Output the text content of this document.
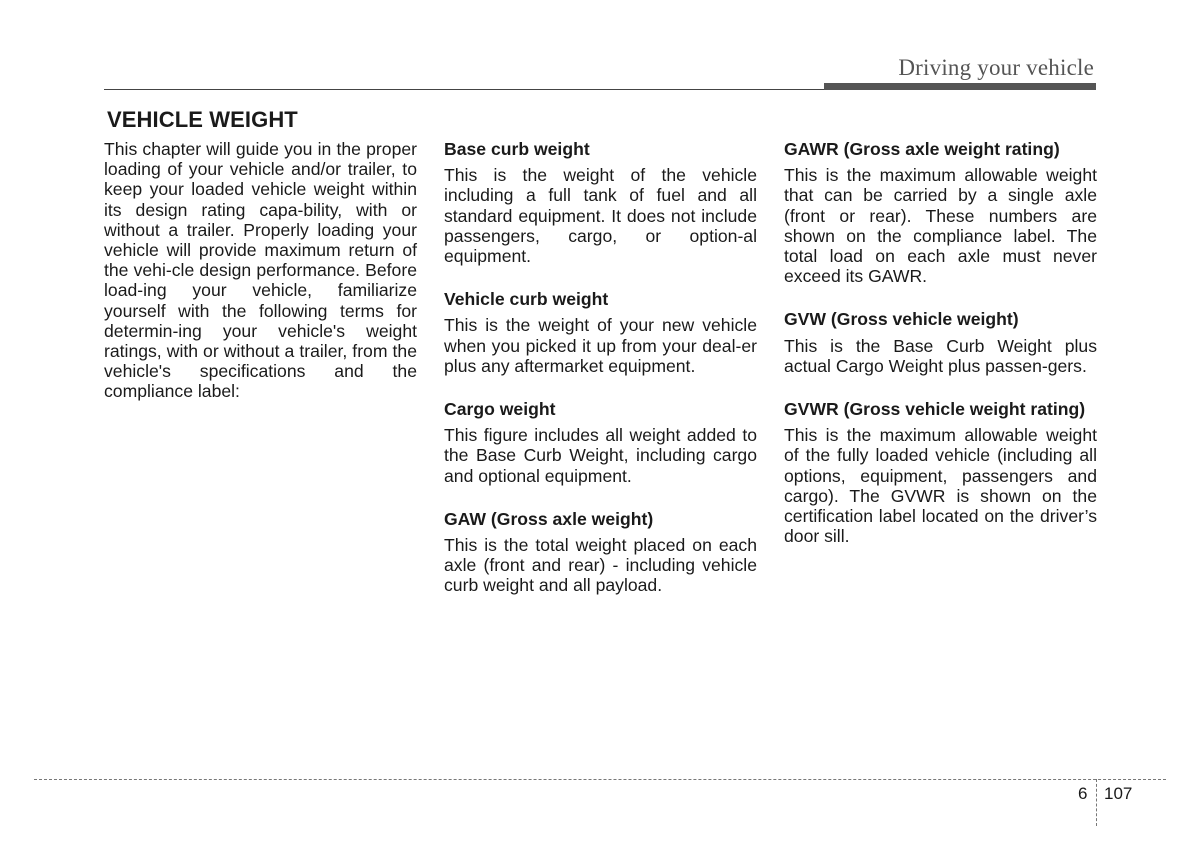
Driving your vehicle
VEHICLE WEIGHT

This chapter will guide you in the proper loading of your vehicle and/or trailer, to keep your loaded vehicle weight within its design rating capa-bility, with or without a trailer. Properly loading your vehicle will provide maximum return of the vehi-cle design performance. Before load-ing your vehicle, familiarize yourself with the following terms for determin-ing your vehicle's weight ratings, with or without a trailer, from the vehicle's specifications and the compliance label:

Base curb weight

This is the weight of the vehicle including a full tank of fuel and all standard equipment. It does not include passengers, cargo, or option-al equipment.

Vehicle curb weight

This is the weight of your new vehicle when you picked it up from your deal-er plus any aftermarket equipment.

Cargo weight

This figure includes all weight added to the Base Curb Weight, including cargo and optional equipment.

GAW (Gross axle weight)

This is the total weight placed on each axle (front and rear) - including vehicle curb weight and all payload.

GAWR (Gross axle weight rating)

This is the maximum allowable weight that can be carried by a single axle (front or rear). These numbers are shown on the compliance label. The total load on each axle must never exceed its GAWR.

GVW (Gross vehicle weight)

This is the Base Curb Weight plus actual Cargo Weight plus passen-gers.

GVWR (Gross vehicle weight rating)

This is the maximum allowable weight of the fully loaded vehicle (including all options, equipment, passengers and cargo). The GVWR is shown on the certification label located on the driver’s door sill.

6 107
